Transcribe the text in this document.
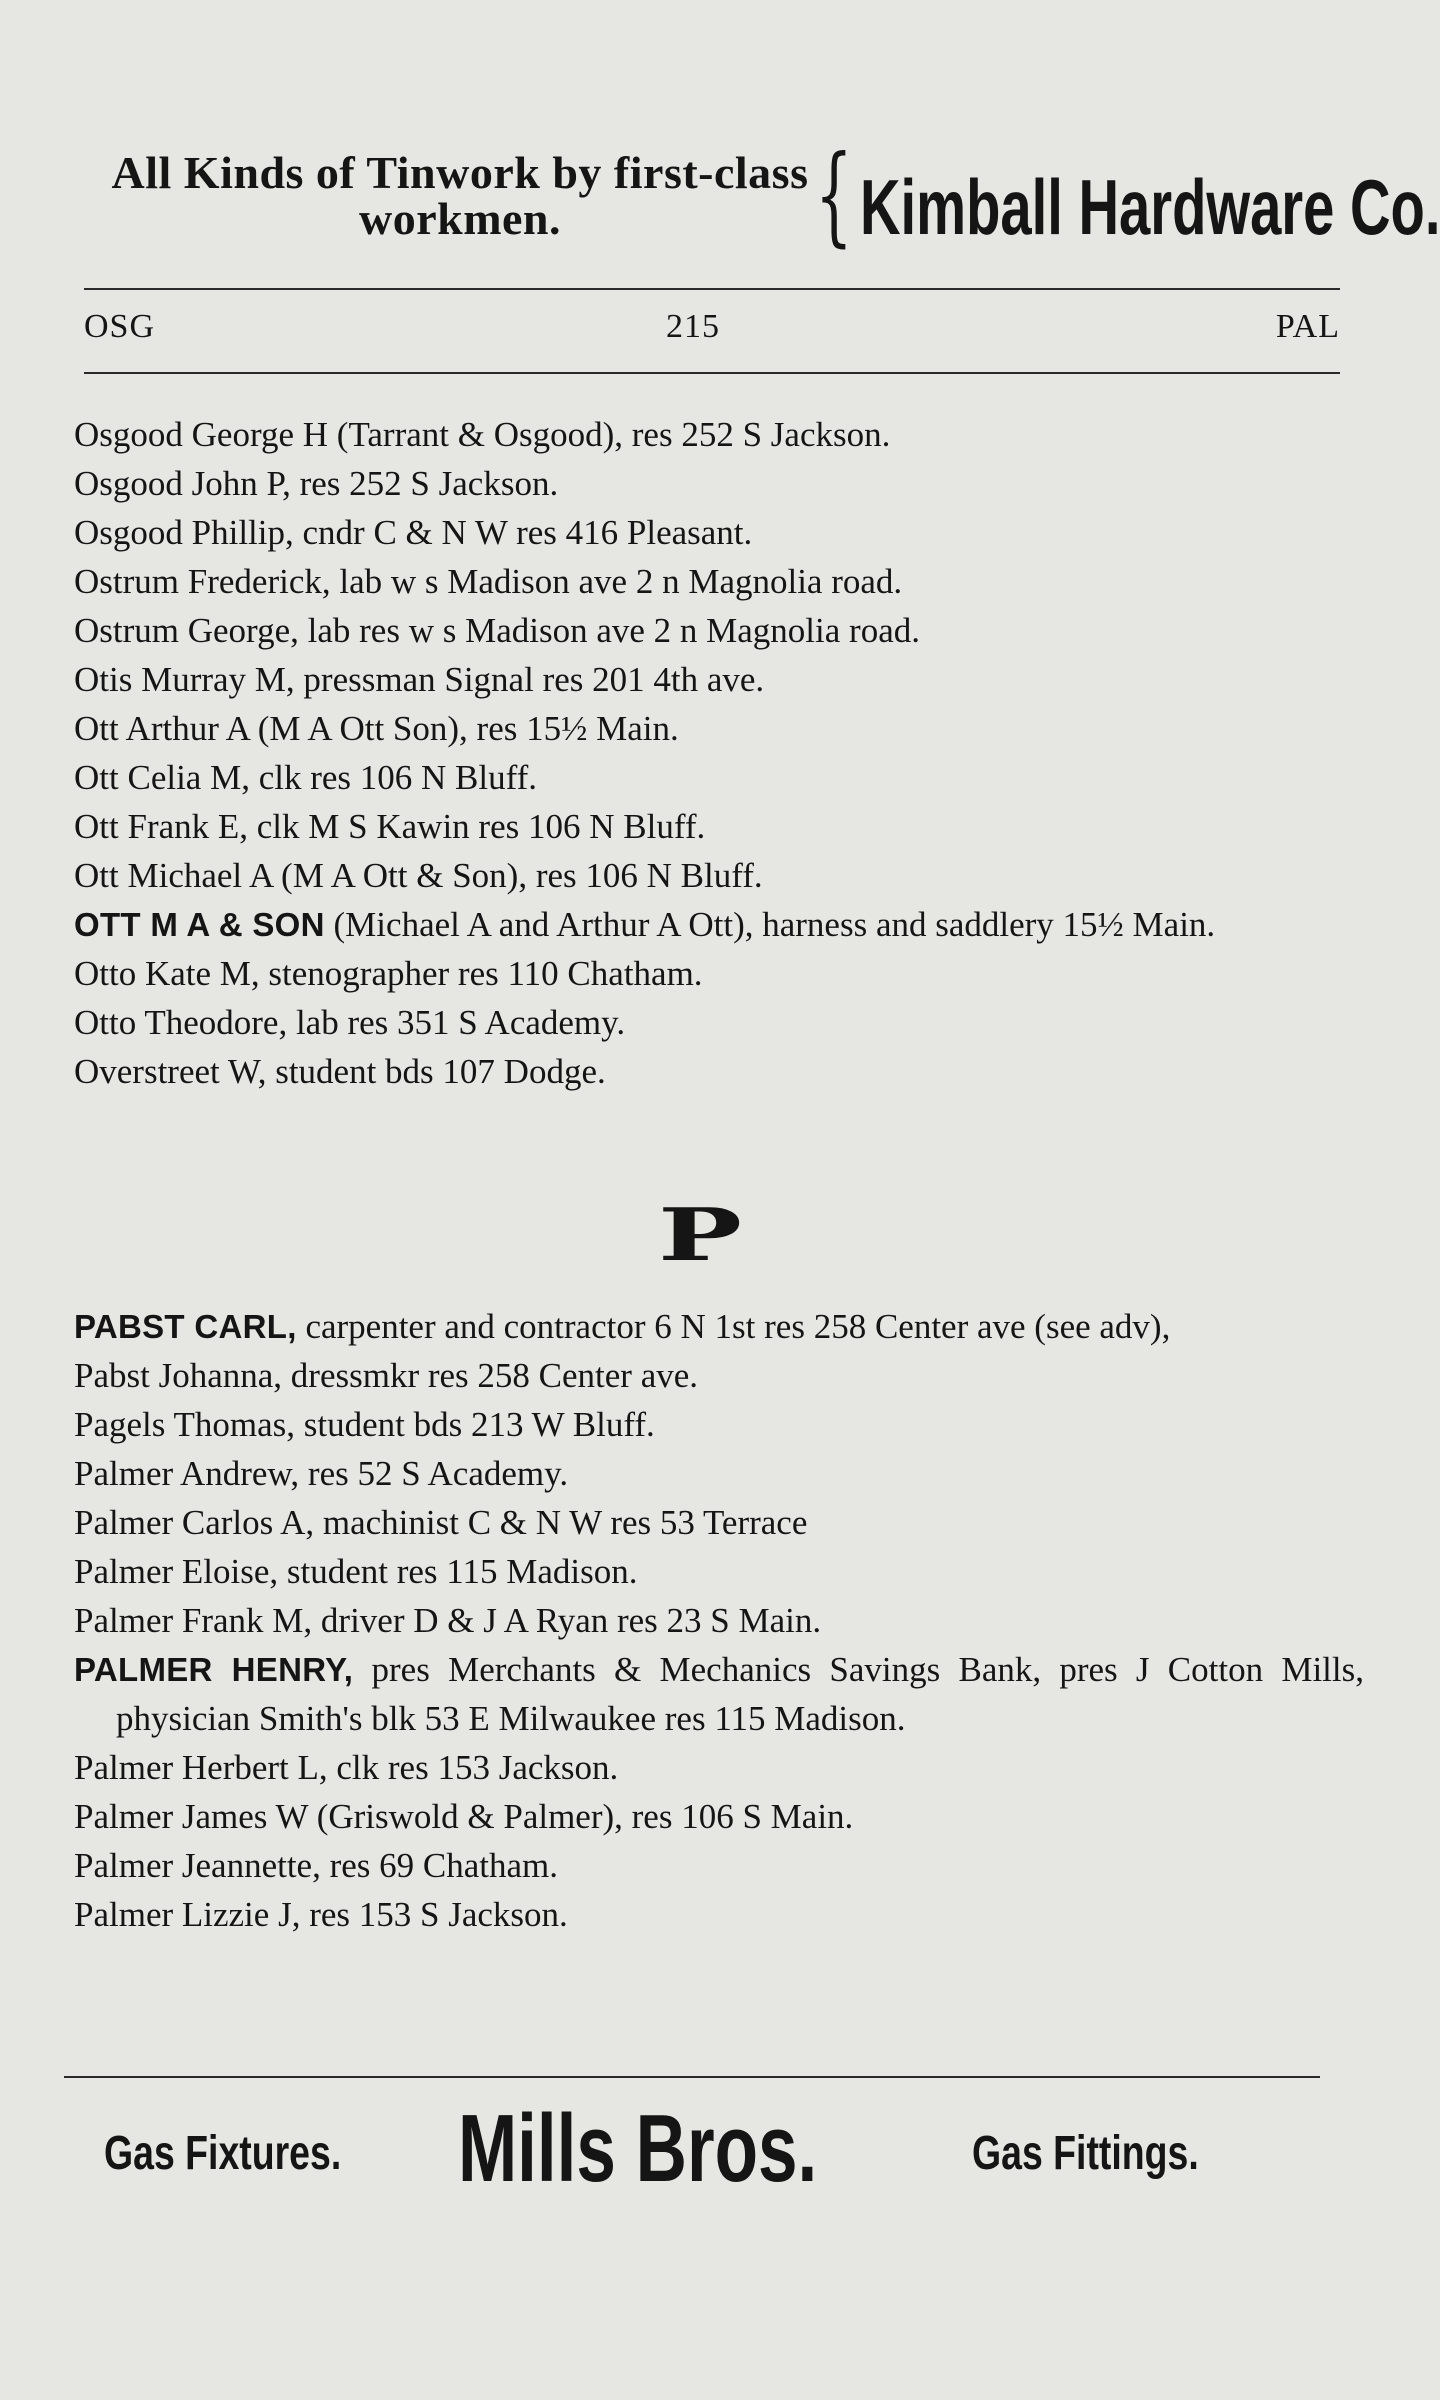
All Kinds of Tinwork by first-class workmen.	{ Kimball Hardware Co.
OSG	215	PAL

Osgood George H (Tarrant & Osgood), res 252 S Jackson.

Osgood John P, res 252 S Jackson.

Osgood Phillip, cndr C & N W res 416 Pleasant.

Ostrum Frederick, lab w s Madison ave 2 n Magnolia road.

Ostrum George, lab res w s Madison ave 2 n Magnolia road.

Otis Murray M, pressman Signal res 201 4th ave.

Ott Arthur A (M A Ott Son), res 15½ Main.

Ott Celia M, clk res 106 N Bluff.

Ott Frank E, clk M S Kawin res 106 N Bluff.

Ott Michael A (M A Ott & Son), res 106 N Bluff.

OTT M A & SON (Michael A and Arthur A Ott), harness and saddlery 15½ Main.

Otto Kate M, stenographer res 110 Chatham.

Otto Theodore, lab res 351 S Academy.

Overstreet W, student bds 107 Dodge.

P

PABST CARL, carpenter and contractor 6 N 1st res 258 Center ave (see adv),

Pabst Johanna, dressmkr res 258 Center ave.

Pagels Thomas, student bds 213 W Bluff.

Palmer Andrew, res 52 S Academy.

Palmer Carlos A, machinist C & N W res 53 Terrace

Palmer Eloise, student res 115 Madison.

Palmer Frank M, driver D & J A Ryan res 23 S Main.

PALMER HENRY, pres Merchants & Mechanics Savings Bank, pres J Cotton Mills, physician Smith's blk 53 E Milwaukee res 115 Madison.

Palmer Herbert L, clk res 153 Jackson.

Palmer James W (Griswold & Palmer), res 106 S Main.

Palmer Jeannette, res 69 Chatham.

Palmer Lizzie J, res 153 S Jackson.

Gas Fixtures. Mills Bros.	Gas Fittings.
